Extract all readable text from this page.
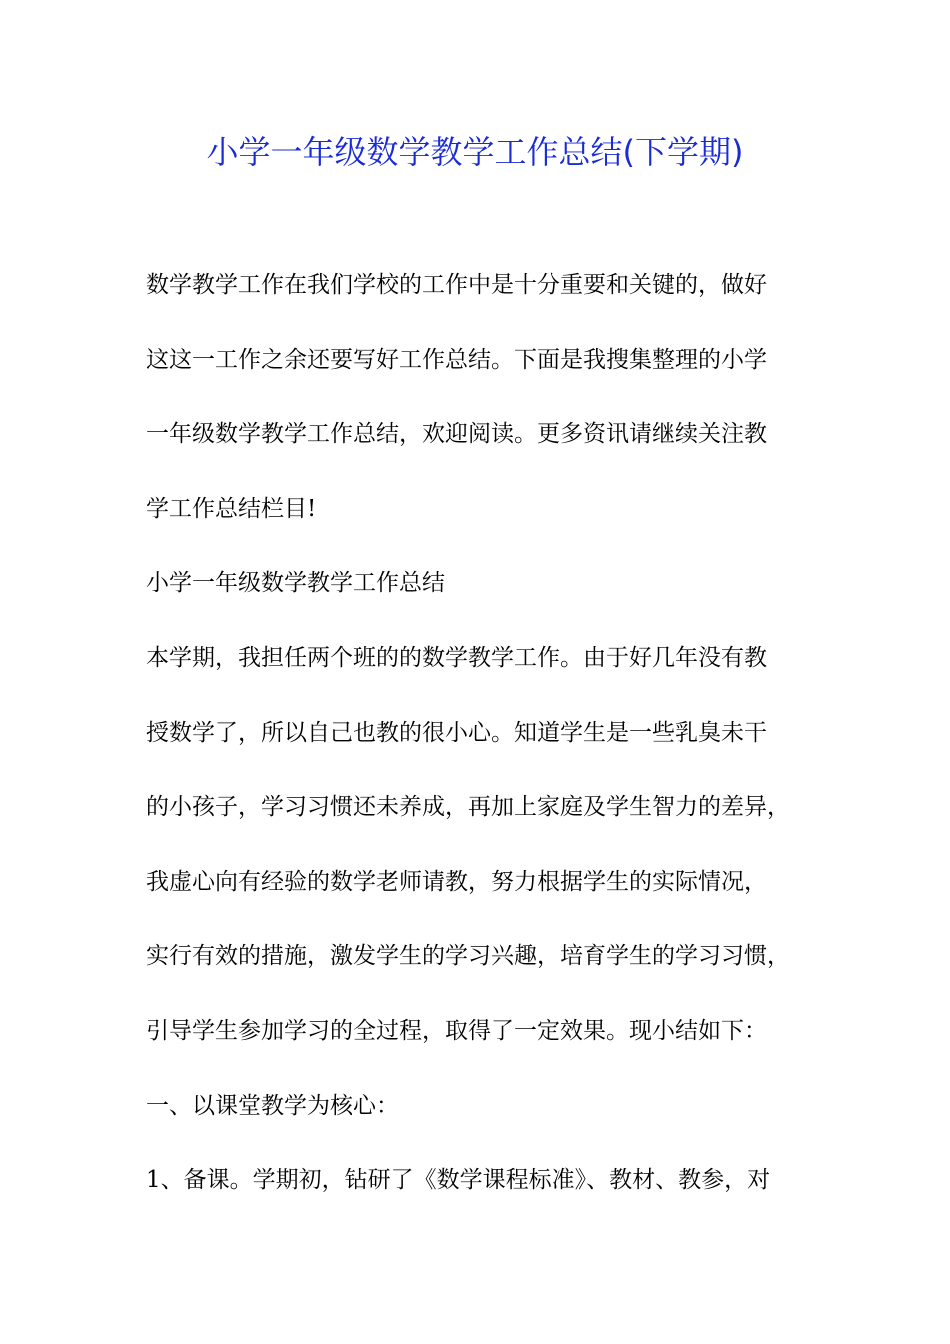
小学一年级数学教学工作总结(下学期)
数学教学工作在我们学校的工作中是十分重要和关键的，做好
这这一工作之余还要写好工作总结。下面是我搜集整理的小学
一年级数学教学工作总结，欢迎阅读。更多资讯请继续关注教
学工作总结栏目!
小学一年级数学教学工作总结
本学期，我担任两个班的的数学教学工作。由于好几年没有教
授数学了，所以自己也教的很小心。知道学生是一些乳臭未干
的小孩子，学习习惯还未养成，再加上家庭及学生智力的差异，
我虚心向有经验的数学老师请教，努力根据学生的实际情况，
实行有效的措施，激发学生的学习兴趣，培育学生的学习习惯，
引导学生参加学习的全过程，取得了一定效果。现小结如下：
一、以课堂教学为核心：
1、备课。学期初，钻研了《数学课程标准》、教材、教参，对
